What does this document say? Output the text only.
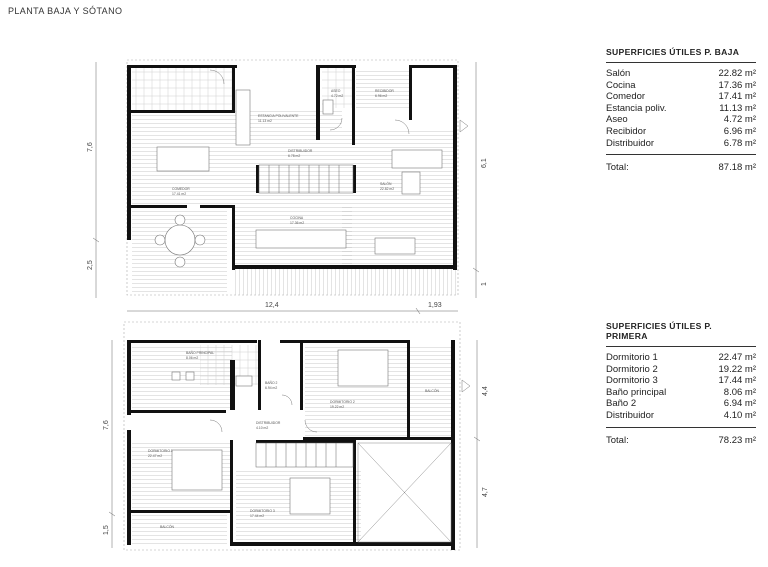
PLANTA BAJA Y SÓTANO
ESTANCIA POLIVALENTE
11.13 m2
ASEO
4.72 m2
RECIBIDOR
6.96 m2
DISTRIBUIDOR
6.78 m2
COMEDOR
17.41 m2
COCINA
17.36 m2
SALÓN
22.82 m2
7,6
2,5
6,1
1
12,4	1,93
BAÑO PRINCIPAL
8.06 m2
BAÑO 2
6.94 m2
DISTRIBUIDOR
4.10 m2
DORMITORIO 2
19.22 m2
BALCÓN
DORMITORIO 1
22.47 m2
DORMITORIO 3
17.44 m2
BALCÓN
7,6
1,5
4,4
4,7
SUPERFICIES ÚTILES P. BAJA
Salón	22.82 m²
Cocina	17.36 m²
Comedor	17.41 m²
Estancia poliv.	11.13 m²
Aseo	4.72 m²
Recibidor	6.96 m²
Distribuidor	6.78 m²
Total:	87.18 m²
SUPERFICIES ÚTILES P. PRIMERA
Dormitorio 1	22.47 m²
Dormitorio 2	19.22 m²
Dormitorio 3	17.44 m²
Baño principal	8.06 m²
Baño 2	6.94 m²
Distribuidor	4.10 m²
Total:	78.23 m²
